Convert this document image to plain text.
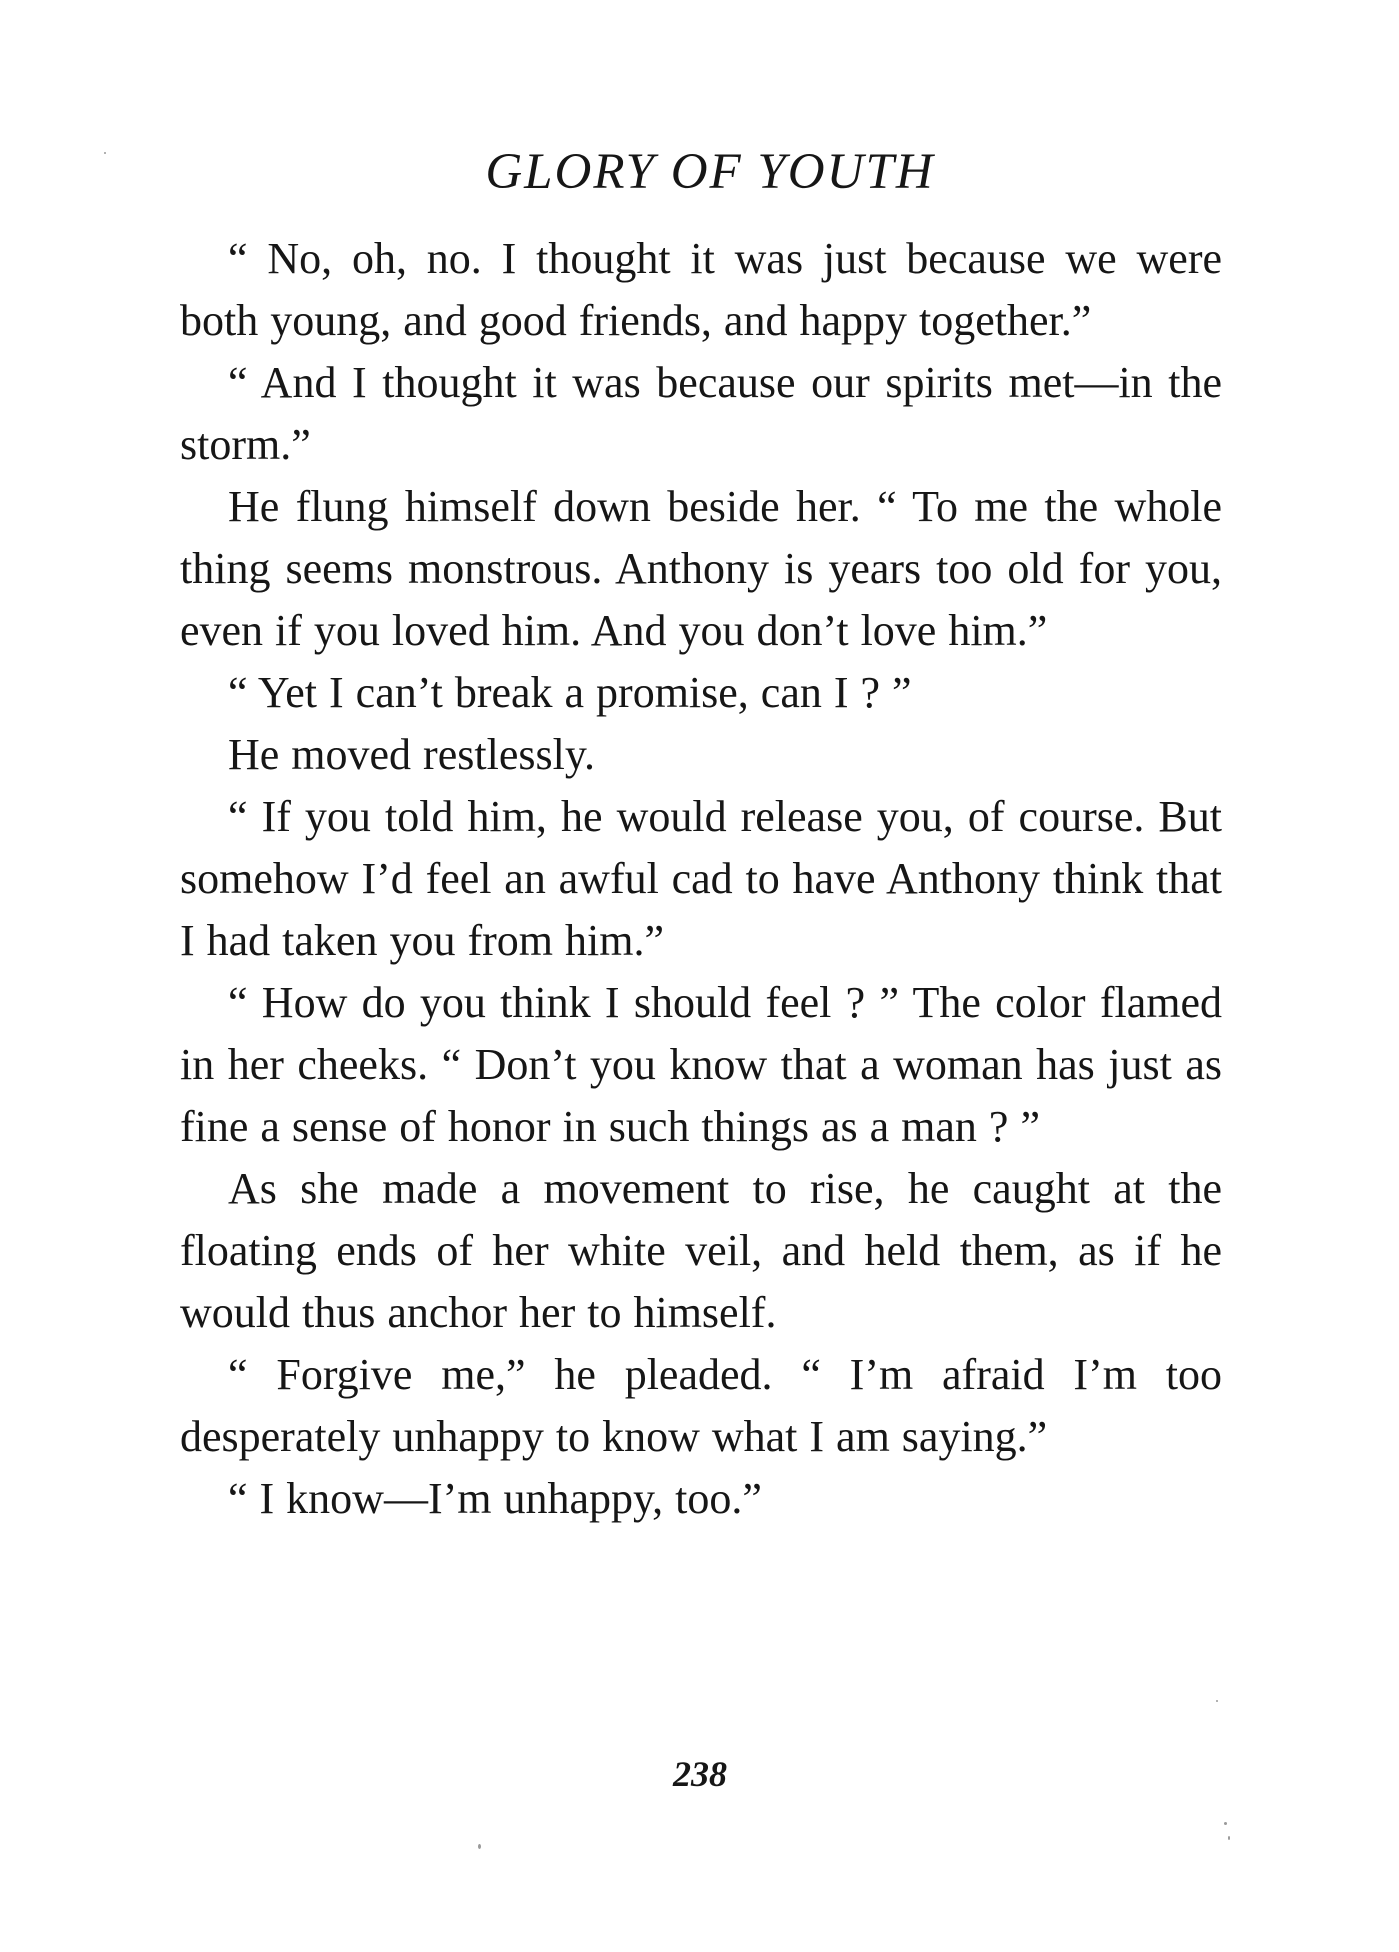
GLORY OF YOUTH

“ No, oh, no. I thought it was just because we were both young, and good friends, and happy together.”

“ And I thought it was because our spirits met—in the storm.”

He flung himself down beside her. “ To me the whole thing seems monstrous. Anthony is years too old for you, even if you loved him. And you don’t love him.”

“ Yet I can’t break a promise, can I ? ”

He moved restlessly.

“ If you told him, he would release you, of course. But somehow I’d feel an awful cad to have Anthony think that I had taken you from him.”

“ How do you think I should feel ? ” The color flamed in her cheeks. “ Don’t you know that a woman has just as fine a sense of honor in such things as a man ? ”

As she made a movement to rise, he caught at the floating ends of her white veil, and held them, as if he would thus anchor her to himself.

“ Forgive me,” he pleaded. “ I’m afraid I’m too desperately unhappy to know what I am saying.”

“ I know—I’m unhappy, too.”

238
